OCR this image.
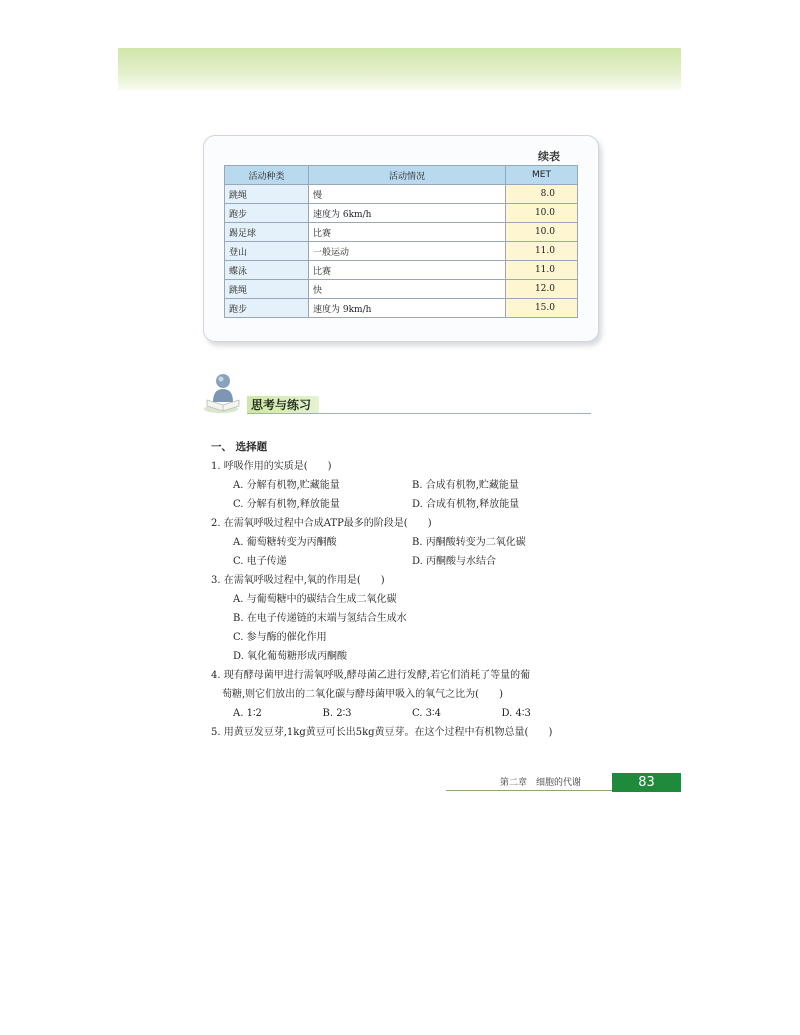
续表
活动种类	活动情况	MET
跳绳	慢	8.0
跑步	速度为 6km/h	10.0
踢足球	比赛	10.0
登山	一般运动	11.0
蝶泳	比赛	11.0
跳绳	快	12.0
跑步	速度为 9km/h	15.0
思考与练习
一、 选择题
1. 呼吸作用的实质是(　　)
A. 分解有机物,贮藏能量	B. 合成有机物,贮藏能量
C. 分解有机物,释放能量	D. 合成有机物,释放能量
2. 在需氧呼吸过程中合成ATP最多的阶段是(　　)
A. 葡萄糖转变为丙酮酸	B. 丙酮酸转变为二氧化碳
C. 电子传递	D. 丙酮酸与水结合
3. 在需氧呼吸过程中,氧的作用是(　　)
A. 与葡萄糖中的碳结合生成二氧化碳
B. 在电子传递链的末端与氢结合生成水
C. 参与酶的催化作用
D. 氧化葡萄糖形成丙酮酸
4. 现有酵母菌甲进行需氧呼吸,酵母菌乙进行发酵,若它们消耗了等量的葡
萄糖,则它们放出的二氧化碳与酵母菌甲吸入的氧气之比为(　　)
A. 1∶2	B. 2∶3	C. 3∶4	D. 4∶3
5. 用黄豆发豆芽,1kg黄豆可长出5kg黄豆芽。在这个过程中有机物总量(　　)
第二章　细胞的代谢	83
